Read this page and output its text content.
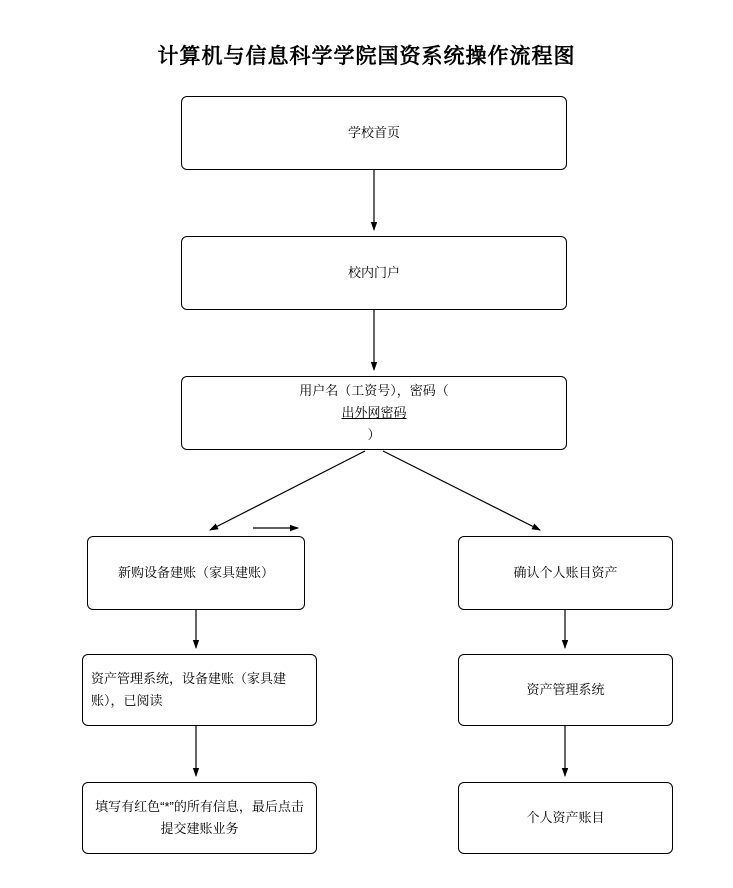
计算机与信息科学学院国资系统操作流程图
学校首页
校内门户
用户名（工资号），密码（
出外网密码
）
新购设备建账（家具建账）	确认个人账目资产
资产管理系统，设备建账（家具建账），已阅读
资产管理系统
填写有红色“*”的所有信息，最后点击提交建账业务
个人资产账目
